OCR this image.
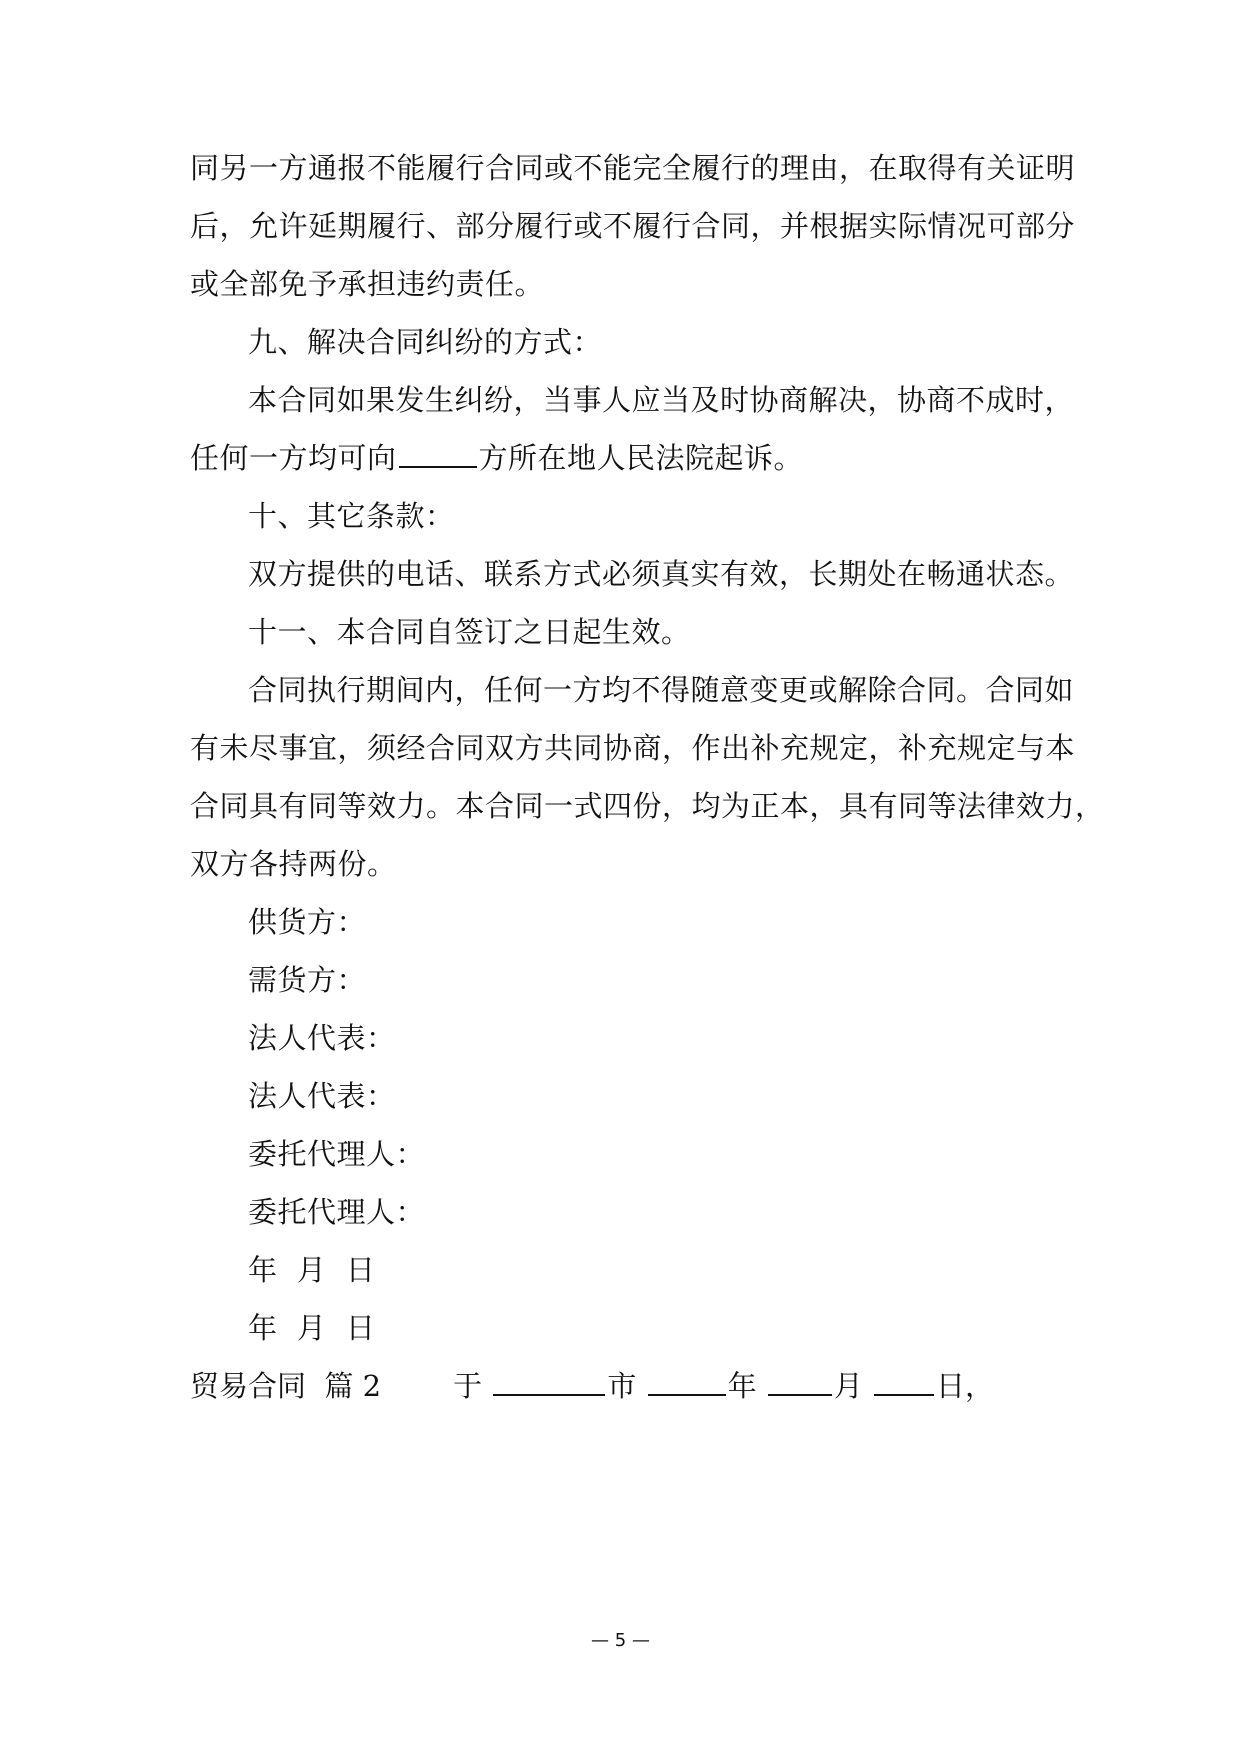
同另一方通报不能履行合同或不能完全履行的理由，在取得有关证明
后，允许延期履行、部分履行或不履行合同，并根据实际情况可部分
或全部免予承担违约责任。
九、解决合同纠纷的方式：
本合同如果发生纠纷，当事人应当及时协商解决，协商不成时，
任何一方均可向	方所在地人民法院起诉。
十、其它条款：
双方提供的电话、联系方式必须真实有效，长期处在畅通状态。
十一、本合同自签订之日起生效。
合同执行期间内，任何一方均不得随意变更或解除合同。合同如
有未尽事宜，须经合同双方共同协商，作出补充规定，补充规定与本
合同具有同等效力。本合同一式四份，均为正本，具有同等法律效力，
双方各持两份。
供货方：
需货方：
法人代表：
法人代表：
委托代理人：
委托代理人：
年  月  日
年  月  日
贸易合同  篇 2 于	市	年	月	日，
— 5 —
